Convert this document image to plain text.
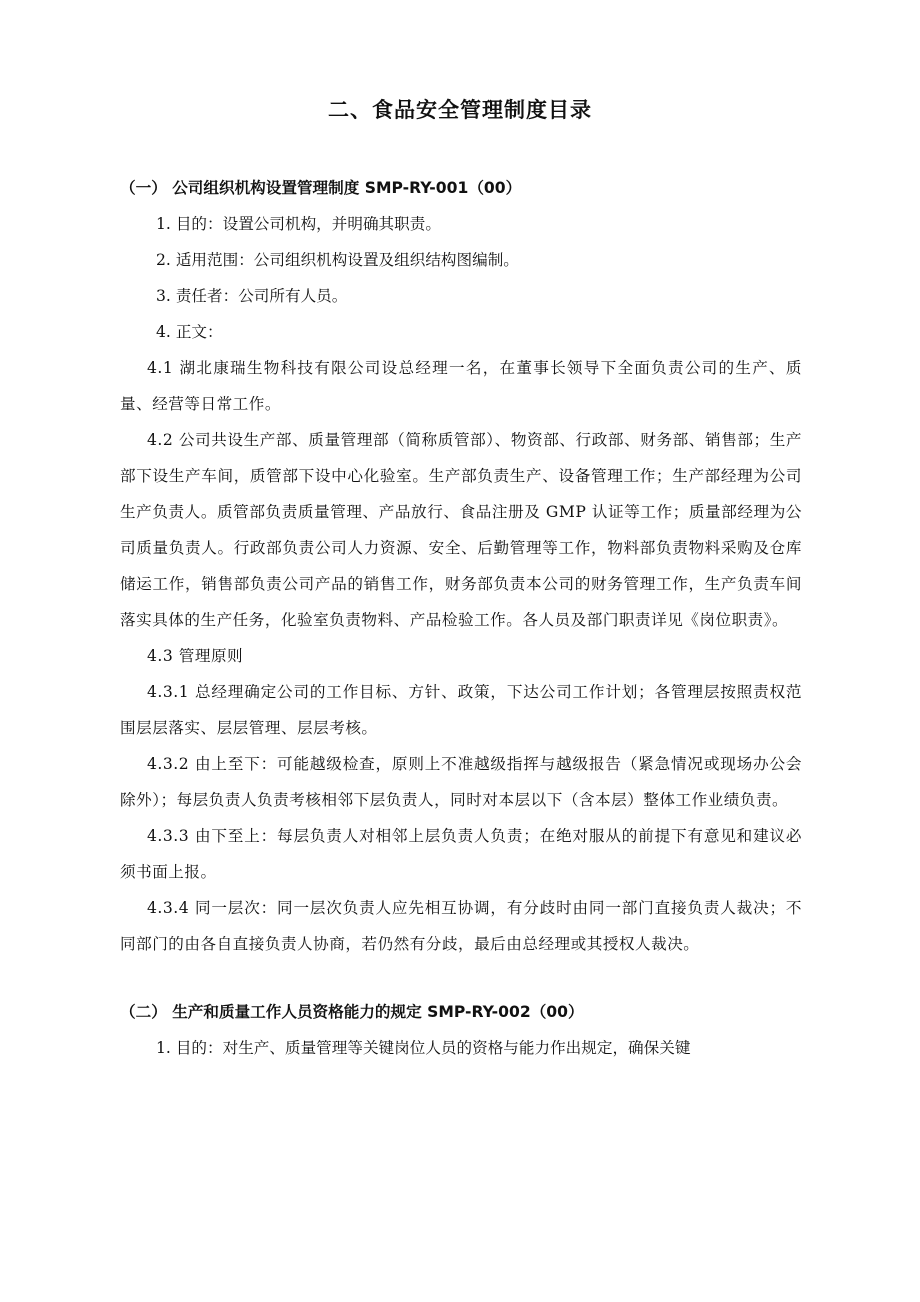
二、食品安全管理制度目录
（一） 公司组织机构设置管理制度 SMP-RY-001（00）
1. 目的：设置公司机构，并明确其职责。
2. 适用范围：公司组织机构设置及组织结构图编制。
3. 责任者：公司所有人员。
4. 正文：
4.1 湖北康瑞生物科技有限公司设总经理一名，在董事长领导下全面负责公司的生产、质量、经营等日常工作。
4.2 公司共设生产部、质量管理部（简称质管部）、物资部、行政部、财务部、销售部；生产部下设生产车间，质管部下设中心化验室。生产部负责生产、设备管理工作；生产部经理为公司生产负责人。质管部负责质量管理、产品放行、食品注册及 GMP 认证等工作；质量部经理为公司质量负责人。行政部负责公司人力资源、安全、后勤管理等工作，物料部负责物料采购及仓库储运工作，销售部负责公司产品的销售工作，财务部负责本公司的财务管理工作，生产负责车间落实具体的生产任务，化验室负责物料、产品检验工作。各人员及部门职责详见《岗位职责》。
4.3 管理原则
4.3.1 总经理确定公司的工作目标、方针、政策，下达公司工作计划；各管理层按照责权范围层层落实、层层管理、层层考核。
4.3.2 由上至下：可能越级检查，原则上不准越级指挥与越级报告（紧急情况或现场办公会除外）；每层负责人负责考核相邻下层负责人，同时对本层以下（含本层）整体工作业绩负责。
4.3.3 由下至上：每层负责人对相邻上层负责人负责；在绝对服从的前提下有意见和建议必须书面上报。
4.3.4 同一层次：同一层次负责人应先相互协调，有分歧时由同一部门直接负责人裁决；不同部门的由各自直接负责人协商，若仍然有分歧，最后由总经理或其授权人裁决。
（二） 生产和质量工作人员资格能力的规定 SMP-RY-002（00）
1. 目的：对生产、质量管理等关键岗位人员的资格与能力作出规定，确保关键
